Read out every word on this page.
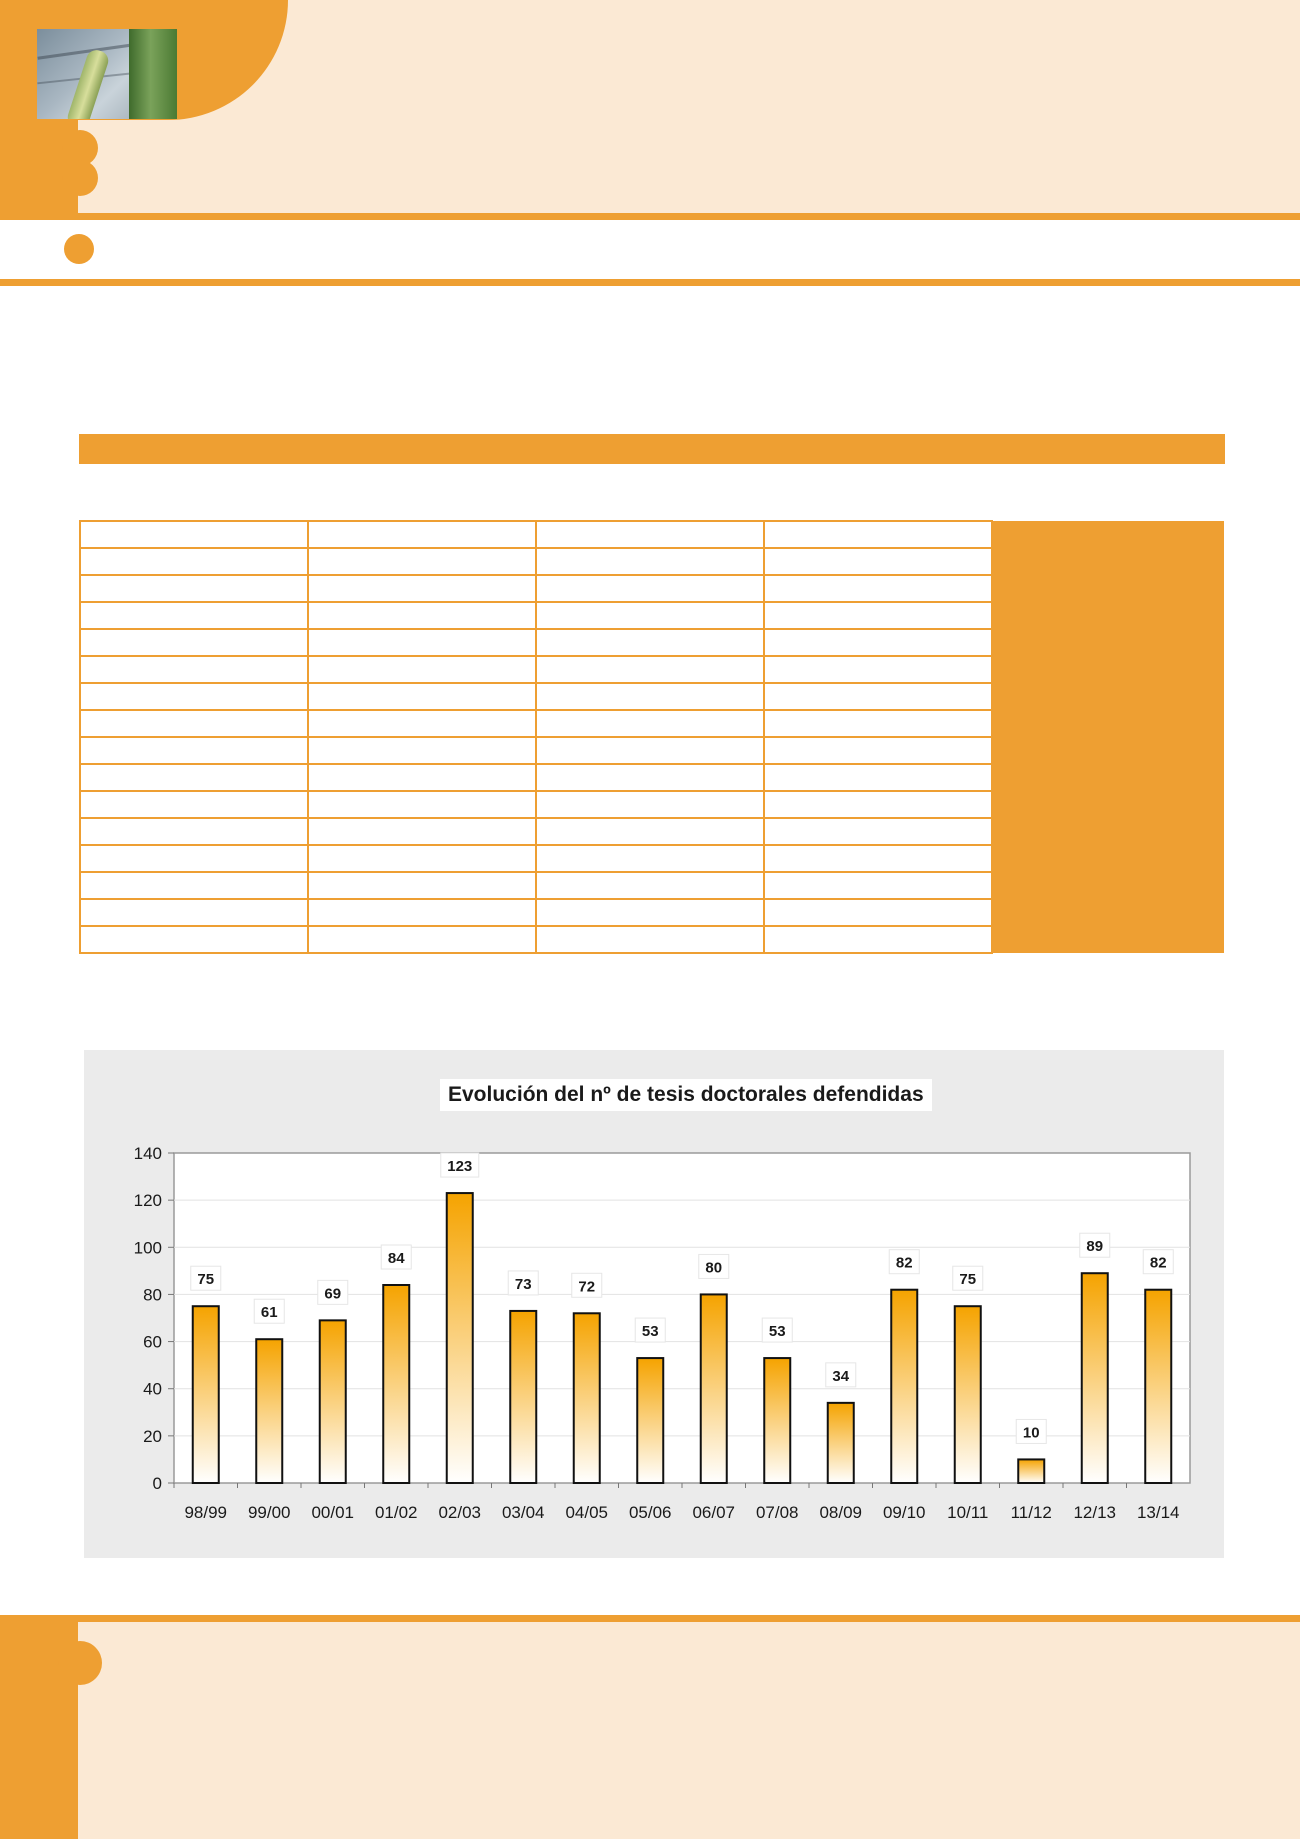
0
20
40
60
80
100
120
140
75
98/99
61
99/00
69
00/01
84
01/02
123
02/03
73
03/04
72
04/05
53
05/06
80
06/07
53
07/08
34
08/09
82
09/10
75
10/11
10
11/12
89
12/13
82
13/14
Evolución del nº de tesis doctorales defendidas
